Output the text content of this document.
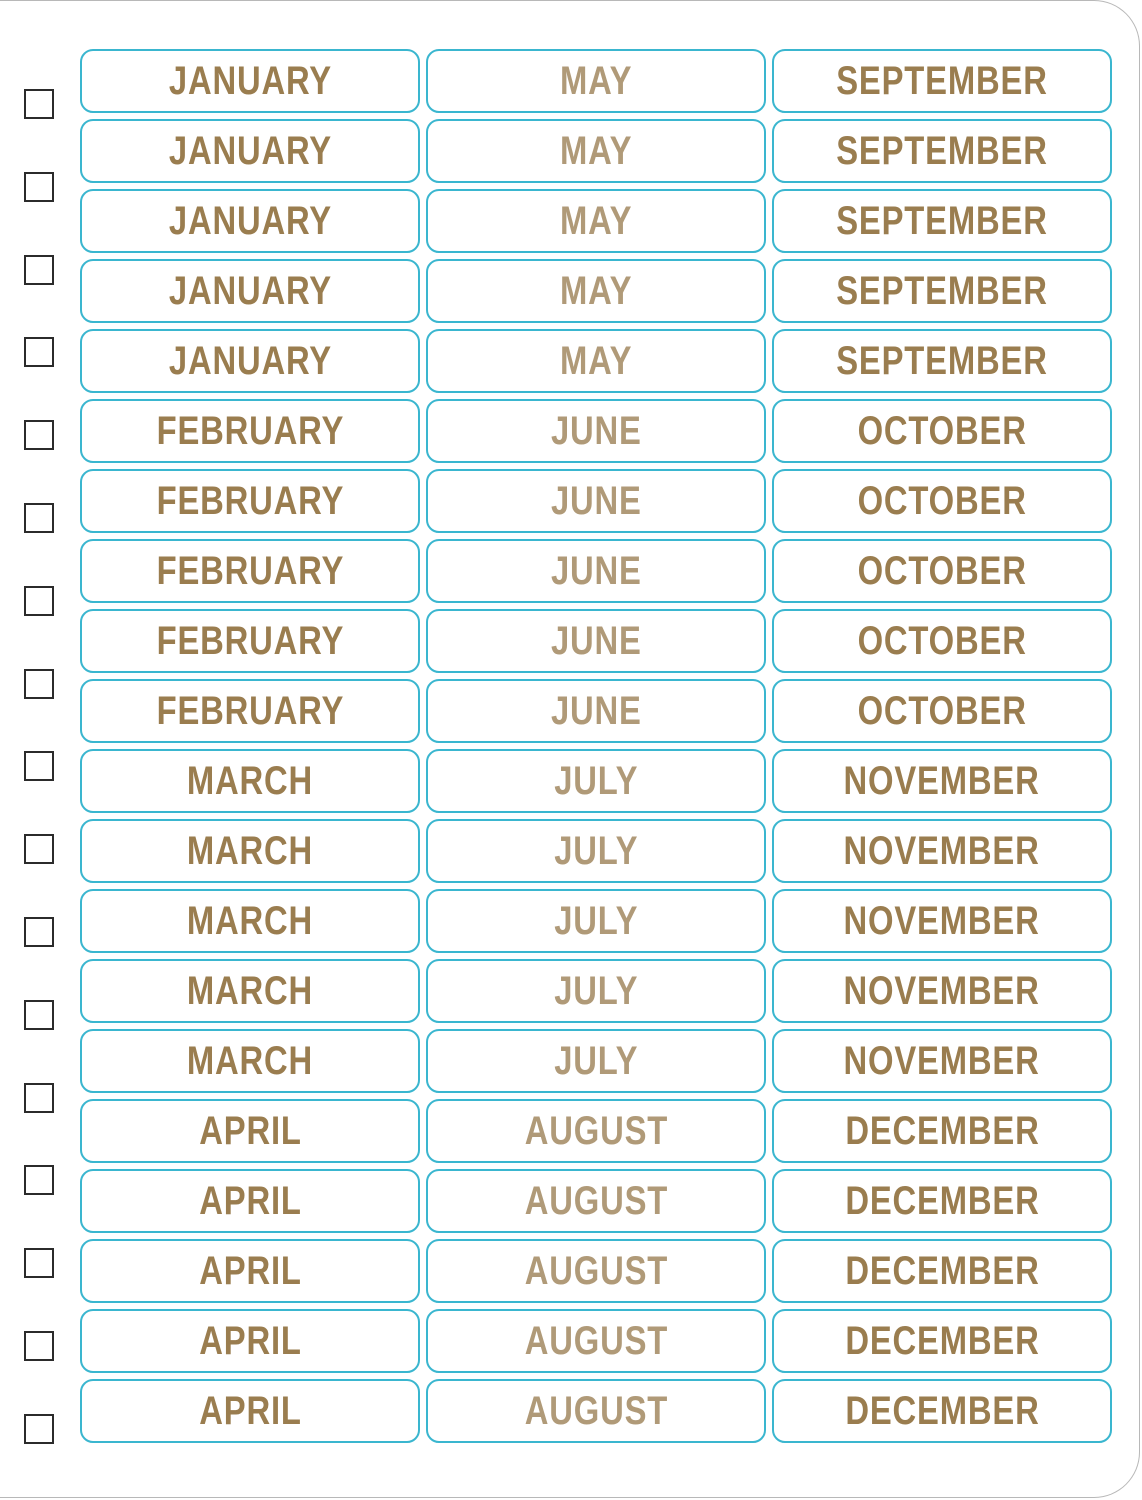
JANUARY	MAY	SEPTEMBER
JANUARY	MAY	SEPTEMBER
JANUARY	MAY	SEPTEMBER
JANUARY	MAY	SEPTEMBER
JANUARY	MAY	SEPTEMBER
FEBRUARY	JUNE	OCTOBER
FEBRUARY	JUNE	OCTOBER
FEBRUARY	JUNE	OCTOBER
FEBRUARY	JUNE	OCTOBER
FEBRUARY	JUNE	OCTOBER
MARCH	JULY	NOVEMBER
MARCH	JULY	NOVEMBER
MARCH	JULY	NOVEMBER
MARCH	JULY	NOVEMBER
MARCH	JULY	NOVEMBER
APRIL	AUGUST	DECEMBER
APRIL	AUGUST	DECEMBER
APRIL	AUGUST	DECEMBER
APRIL	AUGUST	DECEMBER
APRIL	AUGUST	DECEMBER
